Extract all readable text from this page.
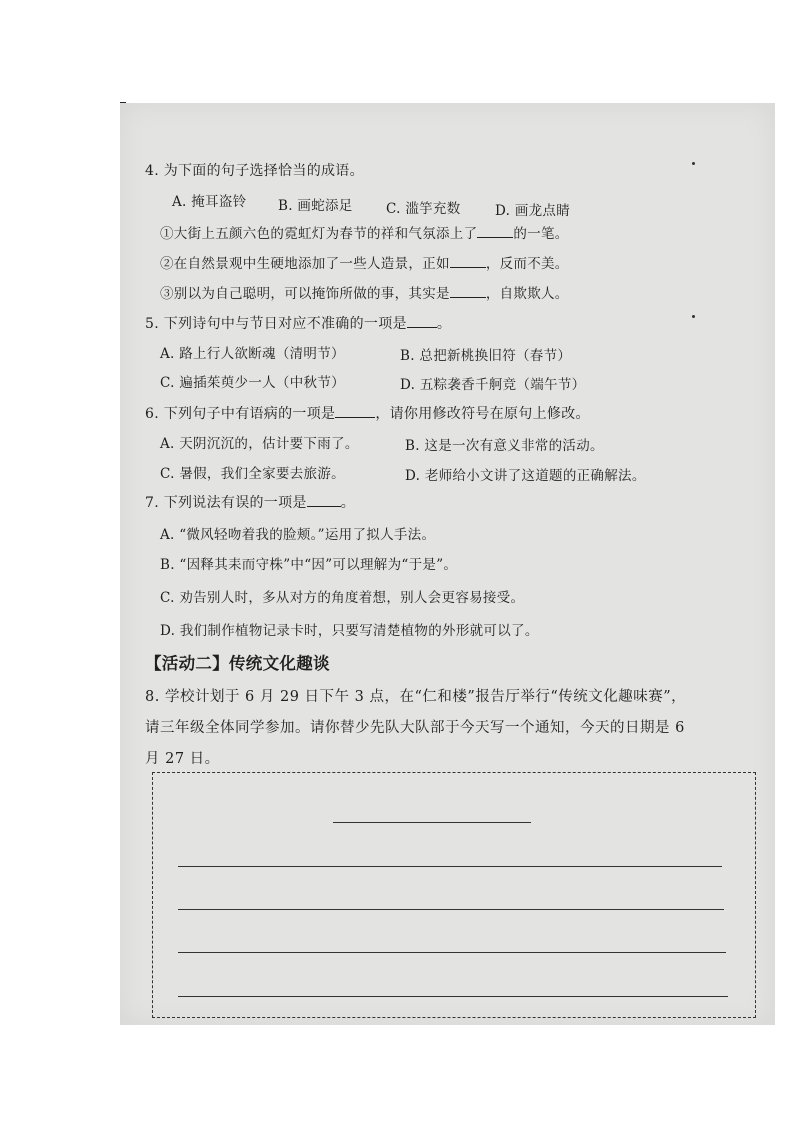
4. 为下面的句子选择恰当的成语。
A. 掩耳盗铃 B. 画蛇添足 C. 滥竽充数	D. 画龙点睛
①大街上五颜六色的霓虹灯为春节的祥和气氛添上了	的一笔。
②在自然景观中生硬地添加了一些人造景，正如	，反而不美。
③别以为自己聪明，可以掩饰所做的事，其实是	，自欺欺人。
5. 下列诗句中与节日对应不准确的一项是 。
A. 路上行人欲断魂（清明节）	B. 总把新桃换旧符（春节）
C. 遍插茱萸少一人（中秋节）	D. 五粽袭香千舸竞（端午节）
6. 下列句子中有语病的一项是	，请你用修改符号在原句上修改。
A. 天阴沉沉的，估计要下雨了。	B. 这是一次有意义非常的活动。
C. 暑假，我们全家要去旅游。	D. 老师给小文讲了这道题的正确解法。
7. 下列说法有误的一项是 。
A. “微风轻吻着我的脸颊。”运用了拟人手法。
B. “因释其耒而守株”中“因”可以理解为“于是”。
C. 劝告别人时，多从对方的角度着想，别人会更容易接受。
D. 我们制作植物记录卡时，只要写清楚植物的外形就可以了。
【活动二】传统文化趣谈
8. 学校计划于 6 月 29 日下午 3 点，在“仁和楼”报告厅举行“传统文化趣味赛”，
请三年级全体同学参加。请你替少先队大队部于今天写一个通知，今天的日期是 6
月 27 日。
